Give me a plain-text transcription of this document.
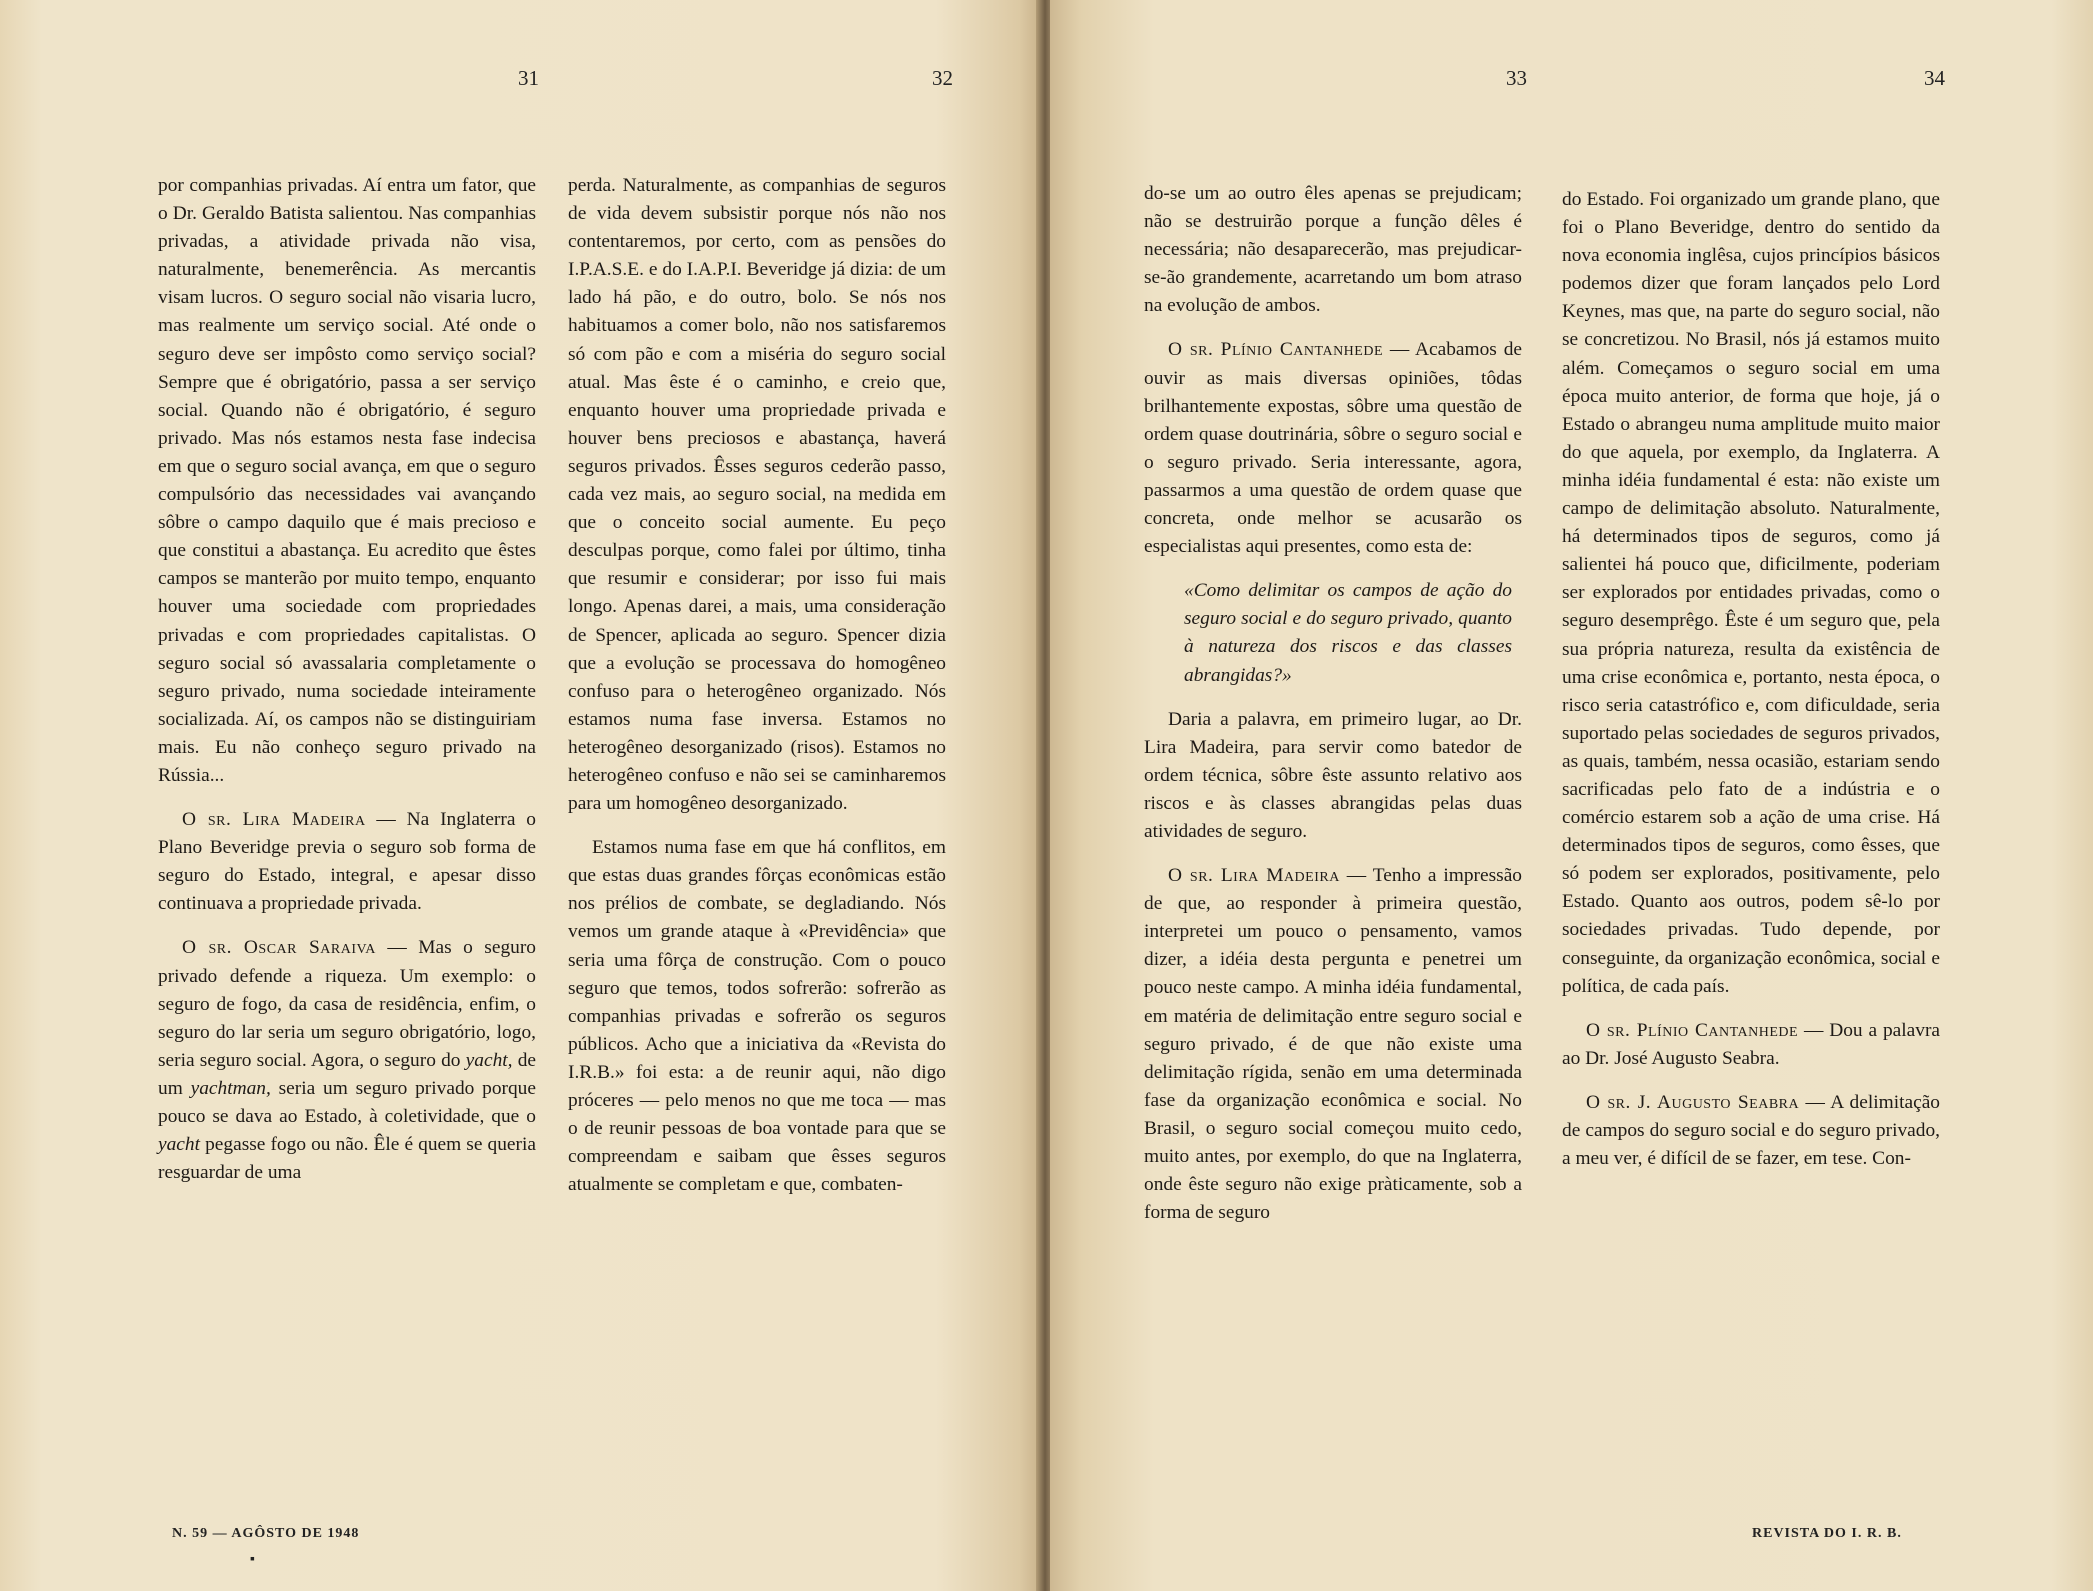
31	32

por companhias privadas. Aí entra um fator, que o Dr. Geraldo Batista salientou. Nas companhias privadas, a atividade privada não visa, naturalmente, benemerência. As mercantis visam lucros. O seguro social não visaria lucro, mas realmente um serviço social. Até onde o seguro deve ser impôsto como serviço social? Sempre que é obrigatório, passa a ser serviço social. Quando não é obrigatório, é seguro privado. Mas nós estamos nesta fase indecisa em que o seguro social avança, em que o seguro compulsório das necessidades vai avançando sôbre o campo daquilo que é mais precioso e que constitui a abastança. Eu acredito que êstes campos se manterão por muito tempo, enquanto houver uma sociedade com propriedades privadas e com propriedades capitalistas. O seguro social só avassalaria completamente o seguro privado, numa sociedade inteiramente socializada. Aí, os campos não se distinguiriam mais. Eu não conheço seguro privado na Rússia...

O sr. Lira Madeira — Na Inglaterra o Plano Beveridge previa o seguro sob forma de seguro do Estado, integral, e apesar disso continuava a propriedade privada.

O sr. Oscar Saraiva — Mas o seguro privado defende a riqueza. Um exemplo: o seguro de fogo, da casa de residência, enfim, o seguro do lar seria um seguro obrigatório, logo, seria seguro social. Agora, o seguro do yacht, de um yachtman, seria um seguro privado porque pouco se dava ao Estado, à coletividade, que o yacht pegasse fogo ou não. Êle é quem se queria resguardar de uma

perda. Naturalmente, as companhias de seguros de vida devem subsistir porque nós não nos contentaremos, por certo, com as pensões do I.P.A.S.E. e do I.A.P.I. Beveridge já dizia: de um lado há pão, e do outro, bolo. Se nós nos habituamos a comer bolo, não nos satisfaremos só com pão e com a miséria do seguro social atual. Mas êste é o caminho, e creio que, enquanto houver uma propriedade privada e houver bens preciosos e abastança, haverá seguros privados. Êsses seguros cederão passo, cada vez mais, ao seguro social, na medida em que o conceito social aumente. Eu peço desculpas porque, como falei por último, tinha que resumir e considerar; por isso fui mais longo. Apenas darei, a mais, uma consideração de Spencer, aplicada ao seguro. Spencer dizia que a evolução se processava do homogêneo confuso para o heterogêneo organizado. Nós estamos numa fase inversa. Estamos no heterogêneo desorganizado (risos). Estamos no heterogêneo confuso e não sei se caminharemos para um homogêneo desorganizado.

Estamos numa fase em que há conflitos, em que estas duas grandes fôrças econômicas estão nos prélios de combate, se degladiando. Nós vemos um grande ataque à «Previdência» que seria uma fôrça de construção. Com o pouco seguro que temos, todos sofrerão: sofrerão as companhias privadas e sofrerão os seguros públicos. Acho que a iniciativa da «Revista do I.R.B.» foi esta: a de reunir aqui, não digo próceres — pelo menos no que me toca — mas o de reunir pessoas de boa vontade para que se compreendam e saibam que êsses seguros atualmente se completam e que, combaten-

N. 59 — AGÔSTO DE 1948
▪
33	34

do-se um ao outro êles apenas se prejudicam; não se destruirão porque a função dêles é necessária; não desaparecerão, mas prejudicar-se-ão grandemente, acarretando um bom atraso na evolução de ambos.

O sr. Plínio Cantanhede — Acabamos de ouvir as mais diversas opiniões, tôdas brilhantemente expostas, sôbre uma questão de ordem quase doutrinária, sôbre o seguro social e o seguro privado. Seria interessante, agora, passarmos a uma questão de ordem quase que concreta, onde melhor se acusarão os especialistas aqui presentes, como esta de:

«Como delimitar os campos de ação do seguro social e do seguro privado, quanto à natureza dos riscos e das classes abrangidas?»

Daria a palavra, em primeiro lugar, ao Dr. Lira Madeira, para servir como batedor de ordem técnica, sôbre êste assunto relativo aos riscos e às classes abrangidas pelas duas atividades de seguro.

O sr. Lira Madeira — Tenho a impressão de que, ao responder à primeira questão, interpretei um pouco o pensamento, vamos dizer, a idéia desta pergunta e penetrei um pouco neste campo. A minha idéia fundamental, em matéria de delimitação entre seguro social e seguro privado, é de que não existe uma delimitação rígida, senão em uma determinada fase da organização econômica e social. No Brasil, o seguro social começou muito cedo, muito antes, por exemplo, do que na Inglaterra, onde êste seguro não exige pràticamente, sob a forma de seguro

do Estado. Foi organizado um grande plano, que foi o Plano Beveridge, dentro do sentido da nova economia inglêsa, cujos princípios básicos podemos dizer que foram lançados pelo Lord Keynes, mas que, na parte do seguro social, não se concretizou. No Brasil, nós já estamos muito além. Começamos o seguro social em uma época muito anterior, de forma que hoje, já o Estado o abrangeu numa amplitude muito maior do que aquela, por exemplo, da Inglaterra. A minha idéia fundamental é esta: não existe um campo de delimitação absoluto. Naturalmente, há determinados tipos de seguros, como já salientei há pouco que, dificilmente, poderiam ser explorados por entidades privadas, como o seguro desemprêgo. Êste é um seguro que, pela sua própria natureza, resulta da existência de uma crise econômica e, portanto, nesta época, o risco seria catastrófico e, com dificuldade, seria suportado pelas sociedades de seguros privados, as quais, também, nessa ocasião, estariam sendo sacrificadas pelo fato de a indústria e o comércio estarem sob a ação de uma crise. Há determinados tipos de seguros, como êsses, que só podem ser explorados, positivamente, pelo Estado. Quanto aos outros, podem sê-lo por sociedades privadas. Tudo depende, por conseguinte, da organização econômica, social e política, de cada país.

O sr. Plínio Cantanhede — Dou a palavra ao Dr. José Augusto Seabra.

O sr. J. Augusto Seabra — A delimitação de campos do seguro social e do seguro privado, a meu ver, é difícil de se fazer, em tese. Con-

REVISTA DO I. R. B.
